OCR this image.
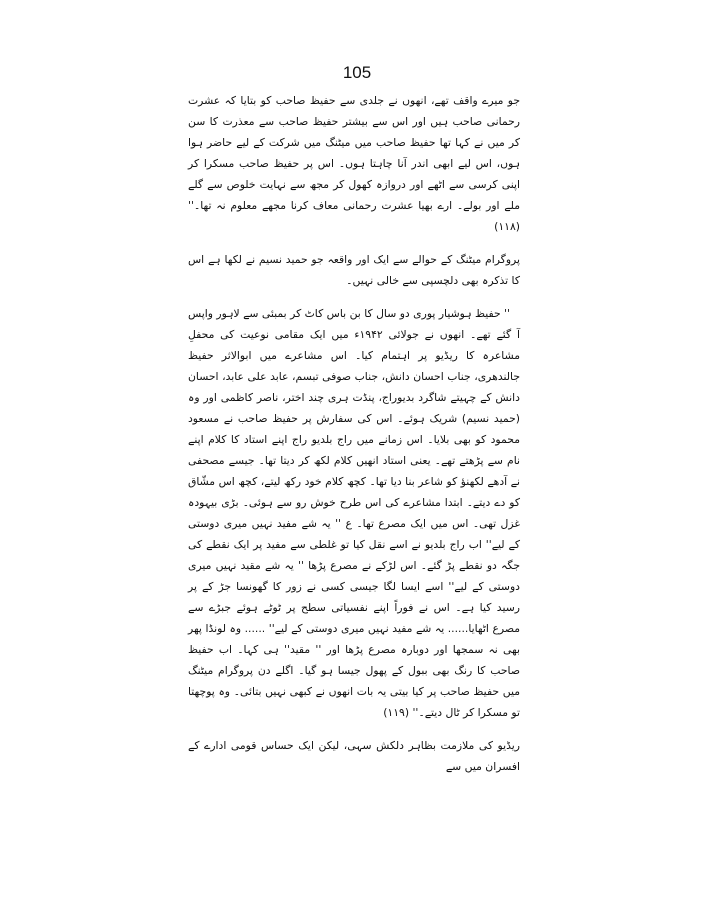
105

جو میرے واقف تھے، انھوں نے جلدی سے حفیظ صاحب کو بتایا کہ عشرت رحمانی صاحب ہیں اور اس سے بیشتر حفیظ صاحب سے معذرت کا سن کر میں نے کہا تھا حفیظ صاحب میں میٹنگ میں شرکت کے لیے حاضر ہوا ہوں، اس لیے ابھی اندر آنا چاہتا ہوں۔ اس پر حفیظ صاحب مسکرا کر اپنی کرسی سے اٹھے اور دروازہ کھول کر مجھ سے نہایت خلوص سے گلے ملے اور بولے۔ ارے بھیا عشرت رحمانی معاف کرنا مجھے معلوم نہ تھا۔'' (۱۱۸)

پروگرام میٹنگ کے حوالے سے ایک اور واقعہ جو حمید نسیم نے لکھا ہے اس کا تذکرہ بھی دلچسپی سے خالی نہیں۔

'' حفیظ ہوشیار پوری دو سال کا بن باس کاٹ کر بمبئی سے لاہور واپس آ گئے تھے۔ انھوں نے جولائی ۱۹۴۲ء میں ایک مقامی نوعیت کی محفلِ مشاعرہ کا ریڈیو پر اہتمام کیا۔ اس مشاعرے میں ابوالاثر حفیظ جالندھری، جناب احسان دانش، جناب صوفی تبسم، عابد علی عابد، احسان دانش کے چہیتے شاگرد بدیوراج، پنڈت ہری چند اختر، ناصر کاظمی اور وہ (حمید نسیم) شریک ہوئے۔ اس کی سفارش پر حفیظ صاحب نے مسعود محمود کو بھی بلایا۔ اس زمانے میں راج بلدیو راج اپنے استاد کا کلام اپنے نام سے پڑھتے تھے۔ یعنی استاد انھیں کلام لکھ کر دیتا تھا۔ جیسے مصحفی نے آدھے لکھنؤ کو شاعر بنا دیا تھا۔ کچھ کلام خود رکھ لیتے، کچھ اس مشّاق کو دے دیتے۔ ابتدا مشاعرے کی اس طرح خوش رو سے ہوئی۔ بڑی بیہودہ غزل تھی۔ اس میں ایک مصرع تھا۔ ع '' یہ شے مفید نہیں میری دوستی کے لیے'' اب راج بلدیو نے اسے نقل کیا تو غلطی سے مفید پر ایک نقطے کی جگہ دو نقطے پڑ گئے۔ اس لڑکے نے مصرع پڑھا '' یہ شے مقید نہیں میری دوستی کے لیے'' اسے ایسا لگا جیسی کسی نے زور کا گھونسا جڑ کے پر رسید کیا ہے۔ اس نے فوراً اپنے نفسیاتی سطح پر ٹوٹے ہوئے جبڑے سے مصرع اٹھایا...... یہ شے مفید نہیں میری دوستی کے لیے'' ...... وہ لونڈا پھر بھی نہ سمجھا اور دوبارہ مصرع پڑھا اور '' مقید'' ہی کہا۔ اب حفیظ صاحب کا رنگ بھی ببول کے پھول جیسا ہو گیا۔ اگلے دن پروگرام میٹنگ میں حفیظ صاحب پر کیا بیتی یہ بات انھوں نے کبھی نہیں بتائی۔ وہ پوچھتا تو مسکرا کر ٹال دیتے۔'' (۱۱۹)

ریڈیو کی ملازمت بظاہر دلکش سہی، لیکن ایک حساس قومی ادارے کے افسران میں سے
